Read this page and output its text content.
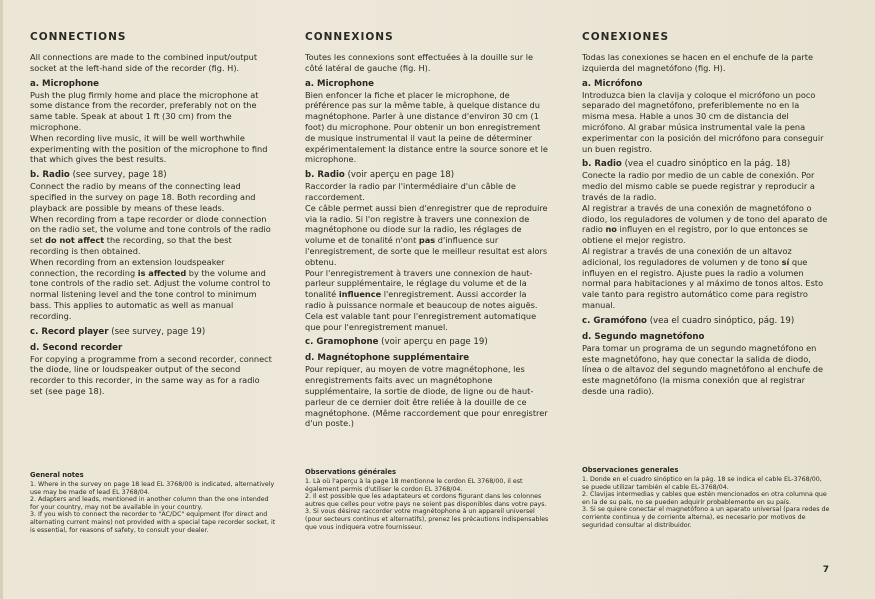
CONNECTIONS

All connections are made to the combined input/output socket at the left-hand side of the recorder (fig. H).

a. Microphone

Push the plug firmly home and place the microphone at some distance from the recorder, preferably not on the same table. Speak at about 1 ft (30 cm) from the microphone.

When recording live music, it will be well worthwhile experimenting with the position of the microphone to find that which gives the best results.

b. Radio (see survey, page 18)

Connect the radio by means of the connecting lead specified in the survey on page 18. Both recording and playback are possible by means of these leads.

When recording from a tape recorder or diode connection on the radio set, the volume and tone controls of the radio set do not affect the recording, so that the best recording is then obtained.

When recording from an extension loudspeaker connection, the recording is affected by the volume and tone controls of the radio set. Adjust the volume control to normal listening level and the tone control to minimum bass. This applies to automatic as well as manual recording.

c. Record player (see survey, page 19)
d. Second recorder

For copying a programme from a second recorder, connect the diode, line or loudspeaker output of the second recorder to this recorder, in the same way as for a radio set (see page 18).

CONNEXIONS

Toutes les connexions sont effectuées à la douille sur le côté latéral de gauche (fig. H).

a. Microphone

Bien enfoncer la fiche et placer le microphone, de préférence pas sur la même table, à quelque distance du magnétophone. Parler à une distance d'environ 30 cm (1 foot) du microphone. Pour obtenir un bon enregistrement de musique instrumental il vaut la peine de déterminer expérimentalement la distance entre la source sonore et le microphone.

b. Radio (voir aperçu en page 18)

Raccorder la radio par l'intermédiaire d'un câble de raccordement.

Ce câble permet aussi bien d'enregistrer que de reproduire via la radio. Si l'on registre à travers une connexion de magnétophone ou diode sur la radio, les réglages de volume et de tonalité n'ont pas d'influence sur l'enregistrement, de sorte que le meilleur resultat est alors obtenu.

Pour l'enregistrement à travers une connexion de haut-parleur supplémentaire, le réglage du volume et de la tonalité influence l'enregistrement. Aussi accorder la radio à puissance normale et beaucoup de notes aiguës. Cela est valable tant pour l'enregistrement automatique que pour l'enregistrement manuel.

c. Gramophone (voir aperçu en page 19)
d. Magnétophone supplémentaire

Pour repiquer, au moyen de votre magnétophone, les enregistrements faits avec un magnétophone supplémentaire, la sortie de diode, de ligne ou de haut-parleur de ce dernier doit être reliée à la douille de ce magnétophone. (Même raccordement que pour enregistrer d'un poste.)

CONEXIONES

Todas las conexiones se hacen en el enchufe de la parte izquierda del magnetófono (fig. H).

a. Micrófono

Introduzca bien la clavija y coloque el micrófono un poco separado del magnetófono, preferiblemente no en la misma mesa. Hable a unos 30 cm de distancia del micrófono. Al grabar música instrumental vale la pena experimentar con la posición del micrófono para conseguir un buen registro.

b. Radio (vea el cuadro sinóptico en la pág. 18)

Conecte la radio por medio de un cable de conexión. Por medio del mismo cable se puede registrar y reproducir a través de la radio.

Al registrar a través de una conexión de magnetófono o diodo, los reguladores de volumen y de tono del aparato de radio no influyen en el registro, por lo que entonces se obtiene el mejor registro.

Al registrar a través de una conexión de un altavoz adicional, los reguladores de volumen y de tono sí que influyen en el registro. Ajuste pues la radio a volumen normal para habitaciones y al máximo de tonos altos. Esto vale tanto para registro automático come para registro manual.

c. Gramófono (vea el cuadro sinóptico, pág. 19)
d. Segundo magnetófono

Para tomar un programa de un segundo magnetófono en este magnetófono, hay que conectar la salida de diodo, línea o de altavoz del segundo magnetófono al enchufe de este magnetófono (la misma conexión que al registrar desde una radio).

General notes

1. Where in the survey on page 18 lead EL 3768/00 is indicated, alternatively use may be made of lead EL 3768/04.

2. Adapters and leads, mentioned in another column than the one intended for your country, may not be available in your country.

3. If you wish to connect the recorder to "AC/DC" equipment (for direct and alternating current mains) not provided with a special tape recorder socket, it is essential, for reasons of safety, to consult your dealer.

Observations générales

1. Là où l'aperçu à la page 18 mentionne le cordon EL 3768/00, il est également permis d'utiliser le cordon EL 3768/04.

2. Il est possible que les adaptateurs et cordons figurant dans les colonnes autres que celles pour votre pays ne soient pas disponibles dans votre pays.

3. Si vous désirez raccorder votre magnétophone à un appareil universel (pour secteurs continus et alternatifs), prenez les précautions indispensables que vous indiquera votre fournisseur.

Observaciones generales

1. Donde en el cuadro sinóptico en la pág. 18 se indica el cable EL-3768/00, se puede utilizar también el cable EL-3768/04.

2. Clavijas intermedias y cables que estén mencionados en otra columna que en la de su país, no se pueden adquirir probablemente en su país.

3. Si se quiere conectar el magnetófono a un aparato universal (para redes de corriente continua y de corriente alterna), es necesario por motivos de seguridad consultar al distribuidor.

7
